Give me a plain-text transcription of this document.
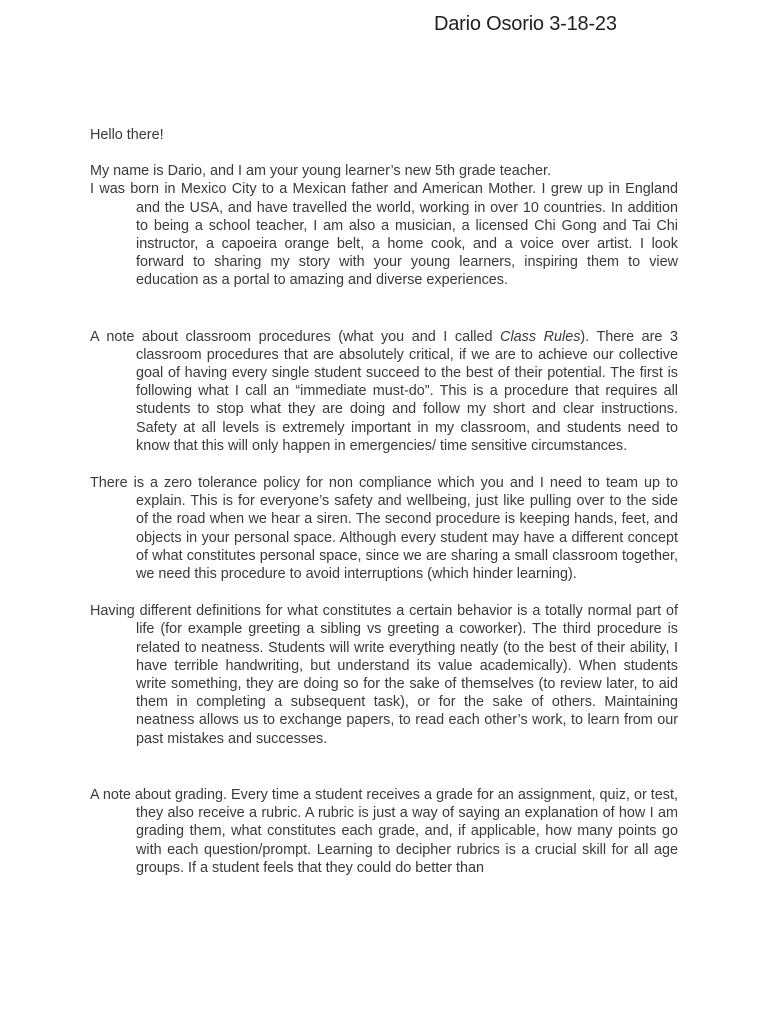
Dario Osorio 3-18-23

Hello there!

My name is Dario, and I am your young learner’s new 5th grade teacher.

I was born in Mexico City to a Mexican father and American Mother. I grew up in England and the USA, and have travelled the world, working in over 10 countries. In addition to being a school teacher, I am also a musician, a licensed Chi Gong and Tai Chi instructor, a capoeira orange belt, a home cook, and a voice over artist. I look forward to sharing my story with your young learners, inspiring them to view education as a portal to amazing and diverse experiences.

A note about classroom procedures (what you and I called Class Rules). There are 3 classroom procedures that are absolutely critical, if we are to achieve our collective goal of having every single student succeed to the best of their potential. The first is following what I call an “immediate must-do”. This is a procedure that requires all students to stop what they are doing and follow my short and clear instructions. Safety at all levels is extremely important in my classroom, and students need to know that this will only happen in emergencies/ time sensitive circumstances.

There is a zero tolerance policy for non compliance which you and I need to team up to explain. This is for everyone’s safety and wellbeing, just like pulling over to the side of the road when we hear a siren. The second procedure is keeping hands, feet, and objects in your personal space. Although every student may have a different concept of what constitutes personal space, since we are sharing a small classroom together, we need this procedure to avoid interruptions (which hinder learning).

Having different definitions for what constitutes a certain behavior is a totally normal part of life (for example greeting a sibling vs greeting a coworker). The third procedure is related to neatness. Students will write everything neatly (to the best of their ability, I have terrible handwriting, but understand its value academically). When students write something, they are doing so for the sake of themselves (to review later, to aid them in completing a subsequent task), or for the sake of others. Maintaining neatness allows us to exchange papers, to read each other’s work, to learn from our past mistakes and successes.

A note about grading. Every time a student receives a grade for an assignment, quiz, or test, they also receive a rubric. A rubric is just a way of saying an explanation of how I am grading them, what constitutes each grade, and, if applicable, how many points go with each question/prompt. Learning to decipher rubrics is a crucial skill for all age groups. If a student feels that they could do better than
